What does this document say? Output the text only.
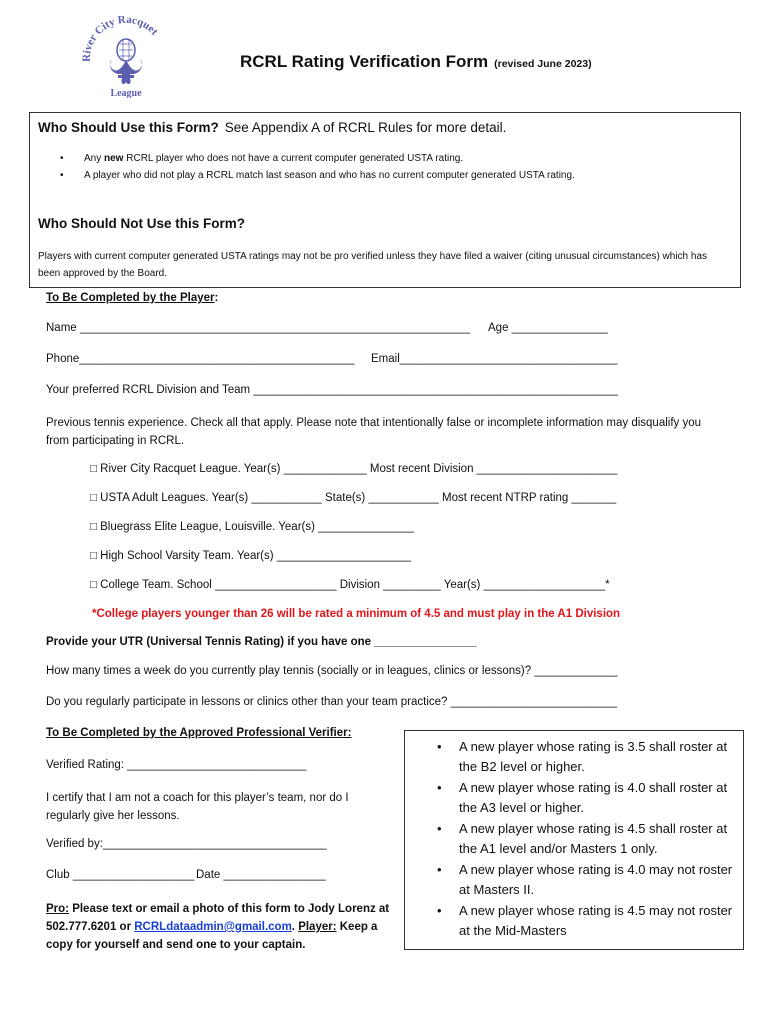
River City Racquet
League
RCRL Rating Verification Form (revised June 2023)
Who Should Use this Form? See Appendix A of RCRL Rules for more detail.
• Any new RCRL player who does not have a current computer generated USTA rating.
• A player who did not play a RCRL match last season and who has no current computer generated USTA rating.
Who Should Not Use this Form?
Players with current computer generated USTA ratings may not be pro verified unless they have filed a waiver (citing unusual circumstances) which has been approved by the Board.
To Be Completed by the Player:
Name _____________________________________________________________ Age _______________
Phone___________________________________________ Email__________________________________
Your preferred RCRL Division and Team _________________________________________________________
Previous tennis experience. Check all that apply. Please note that intentionally false or incomplete information may disqualify you from participating in RCRL.
□ River City Racquet League. Year(s) _____________ Most recent Division ______________________
□ USTA Adult Leagues. Year(s) ___________ State(s) ___________ Most recent NTRP rating _______
□ Bluegrass Elite League, Louisville. Year(s) _______________
□ High School Varsity Team. Year(s) _____________________
□ College Team. School ___________________ Division _________ Year(s) ___________________*
*College players younger than 26 will be rated a minimum of 4.5 and must play in the A1 Division
Provide your UTR (Universal Tennis Rating) if you have one ________________
How many times a week do you currently play tennis (socially or in leagues, clinics or lessons)? _____________
Do you regularly participate in lessons or clinics other than your team practice? __________________________
To Be Completed by the Approved Professional Verifier:
Verified Rating: ____________________________
I certify that I am not a coach for this player’s team, nor do I regularly give her lessons.
Verified by:___________________________________
Club ___________________ Date ________________
Pro: Please text or email a photo of this form to Jody Lorenz at 502.777.6201 or RCRLdataadmin@gmail.com. Player: Keep a copy for yourself and send one to your captain.
• A new player whose rating is 3.5 shall roster at the B2 level or higher.
• A new player whose rating is 4.0 shall roster at the A3 level or higher.
• A new player whose rating is 4.5 shall roster at the A1 level and/or Masters 1 only.
• A new player whose rating is 4.0 may not roster at Masters II.
• A new player whose rating is 4.5 may not roster at the Mid-Masters
